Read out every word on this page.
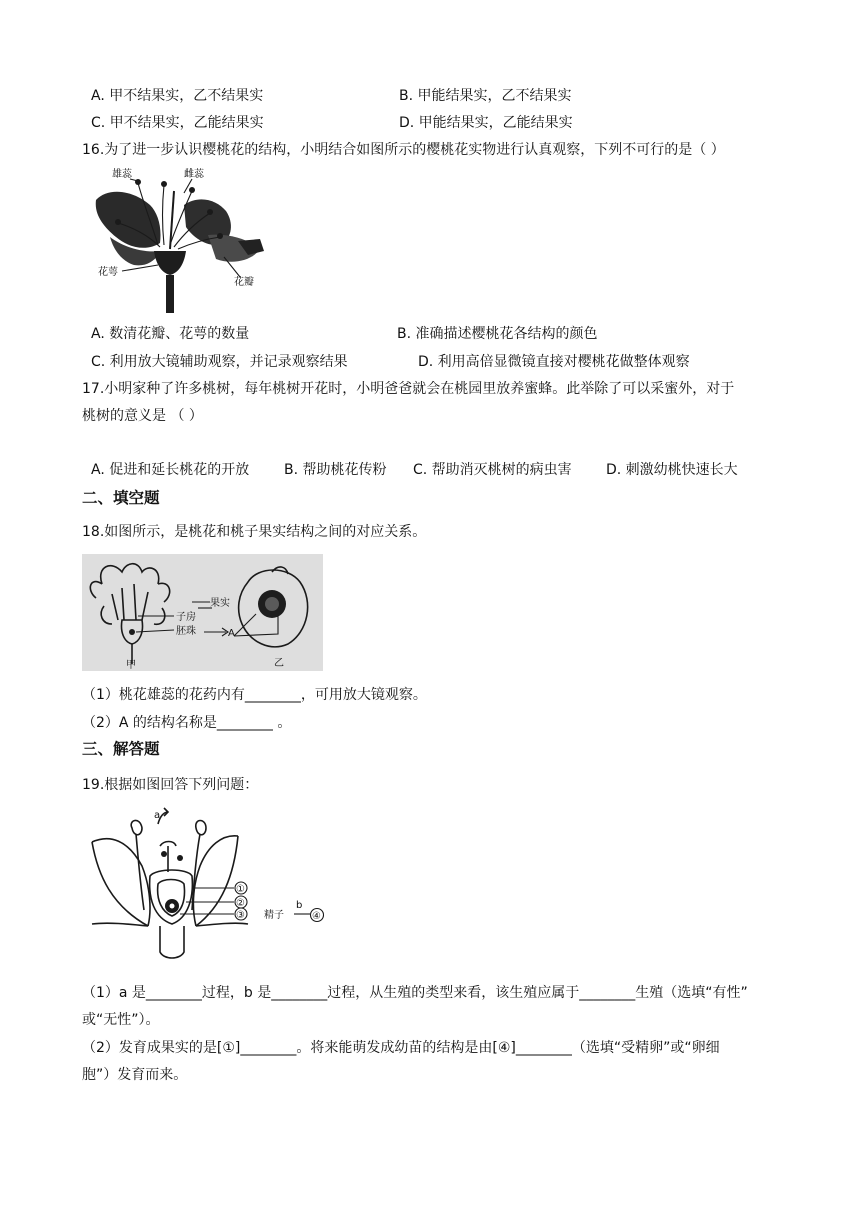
A. 甲不结果实，乙不结果实	B. 甲能结果实，乙不结果实
C. 甲不结果实，乙能结果实	D. 甲能结果实，乙能结果实
16.为了进一步认识樱桃花的结构，小明结合如图所示的樱桃花实物进行认真观察，下列不可行的是（ ）
雄蕊	雌蕊
花萼
花瓣
A. 数清花瓣、花萼的数量	B. 准确描述樱桃花各结构的颜色
C. 利用放大镜辅助观察，并记录观察结果	D. 利用高倍显微镜直接对樱桃花做整体观察
17.小明家种了许多桃树，每年桃树开花时，小明爸爸就会在桃园里放养蜜蜂。此举除了可以采蜜外，对于
桃树的意义是 （ ）
A. 促进和延长桃花的开放 B. 帮助桃花传粉 C. 帮助消灭桃树的病虫害 D. 刺激幼桃快速长大
二、填空题
18.如图所示，是桃花和桃子果实结构之间的对应关系。
果实
子房
胚珠	A
甲	乙
（1）桃花雄蕊的花药内有________，可用放大镜观察。
（2）A 的结构名称是________ 。
三、解答题
19.根据如图回答下列问题：
a
①
②
③ 精子
b
④
（1）a 是________过程，b 是________过程，从生殖的类型来看，该生殖应属于________生殖（选填“有性”
或“无性”）。
（2）发育成果实的是[①]________。将来能萌发成幼苗的结构是由[④]________（选填“受精卵”或“卵细
胞”）发育而来。
